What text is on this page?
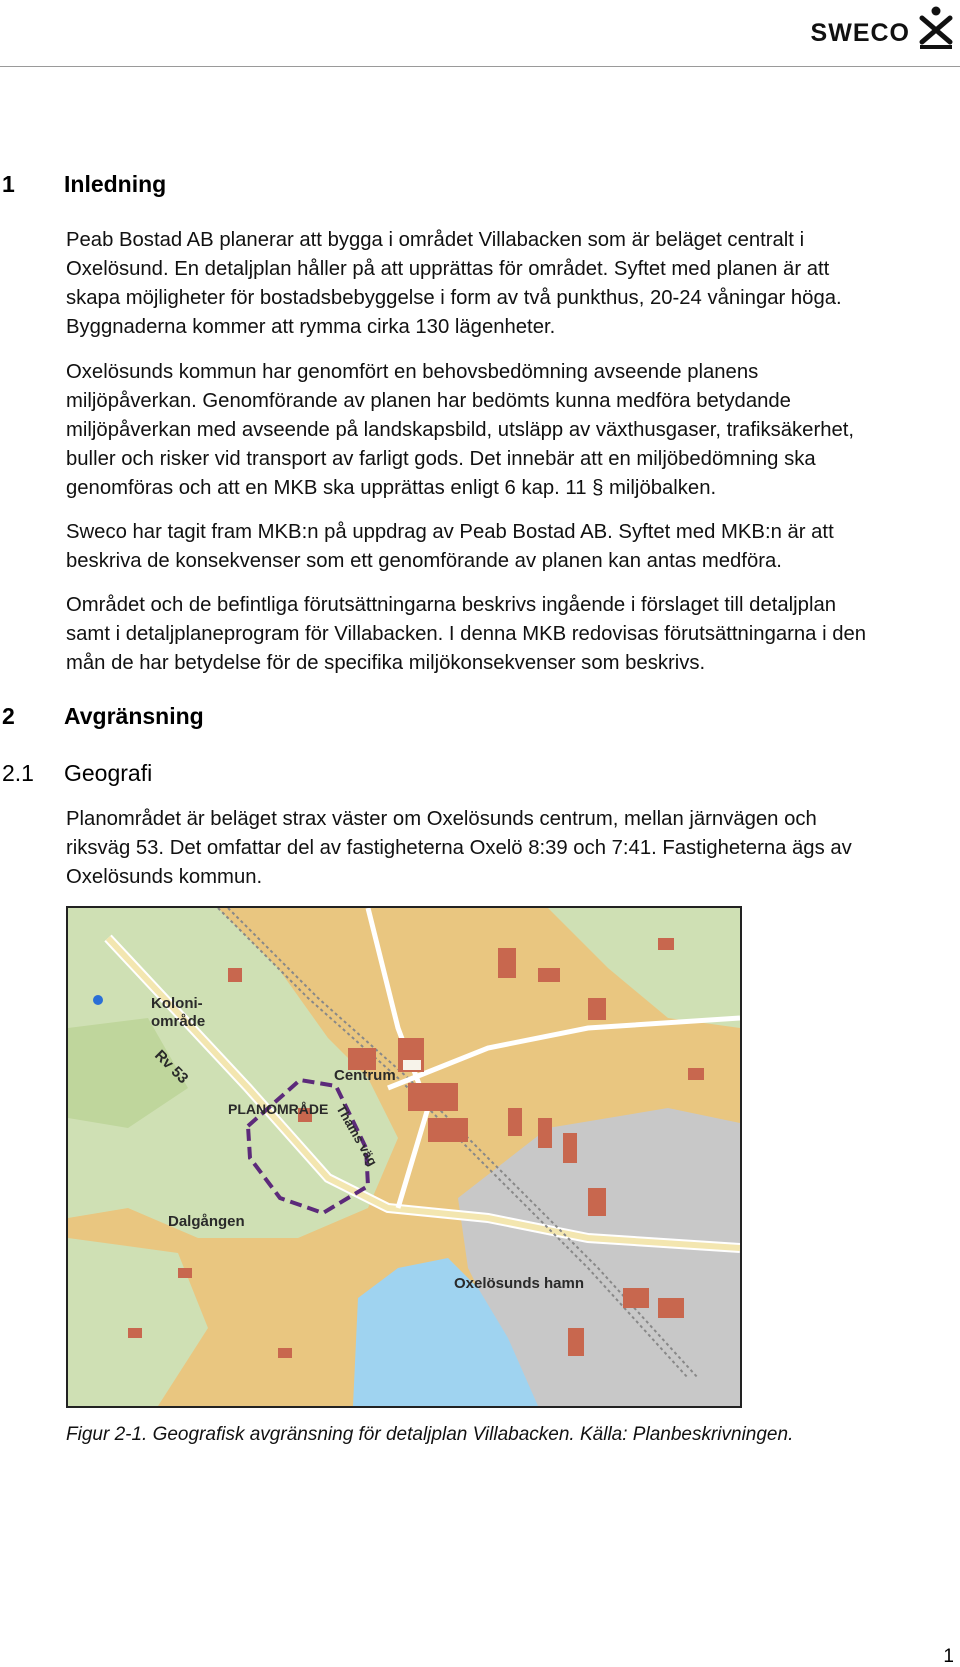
SWECO
1 Inledning
Peab Bostad AB planerar att bygga i området Villabacken som är beläget centralt i
Oxelösund. En detaljplan håller på att upprättas för området. Syftet med planen är att
skapa möjligheter för bostadsbebyggelse i form av två punkthus, 20-24 våningar höga.
Byggnaderna kommer att rymma cirka 130 lägenheter.
Oxelösunds kommun har genomfört en behovsbedömning avseende planens
miljöpåverkan. Genomförande av planen har bedömts kunna medföra betydande
miljöpåverkan med avseende på landskapsbild, utsläpp av växthusgaser, trafiksäkerhet,
buller och risker vid transport av farligt gods. Det innebär att en miljöbedömning ska
genomföras och att en MKB ska upprättas enligt 6 kap. 11 § miljöbalken.
Sweco har tagit fram MKB:n på uppdrag av Peab Bostad AB. Syftet med MKB:n är att
beskriva de konsekvenser som ett genomförande av planen kan antas medföra.
Området och de befintliga förutsättningarna beskrivs ingående i förslaget till detaljplan
samt i detaljplaneprogram för Villabacken. I denna MKB redovisas förutsättningarna i den
mån de har betydelse för de specifika miljökonsekvenser som beskrivs.
2 Avgränsning
2.1 Geografi
Planområdet är beläget strax väster om Oxelösunds centrum, mellan järnvägen och
riksväg 53. Det omfattar del av fastigheterna Oxelö 8:39 och 7:41. Fastigheterna ägs av
Oxelösunds kommun.
Koloni-
område
Rv 53	Centrum
PLANOMRÅDE Thams väg
Dalgången
Oxelösunds hamn
Figur 2-1. Geografisk avgränsning för detaljplan Villabacken. Källa: Planbeskrivningen.
1
